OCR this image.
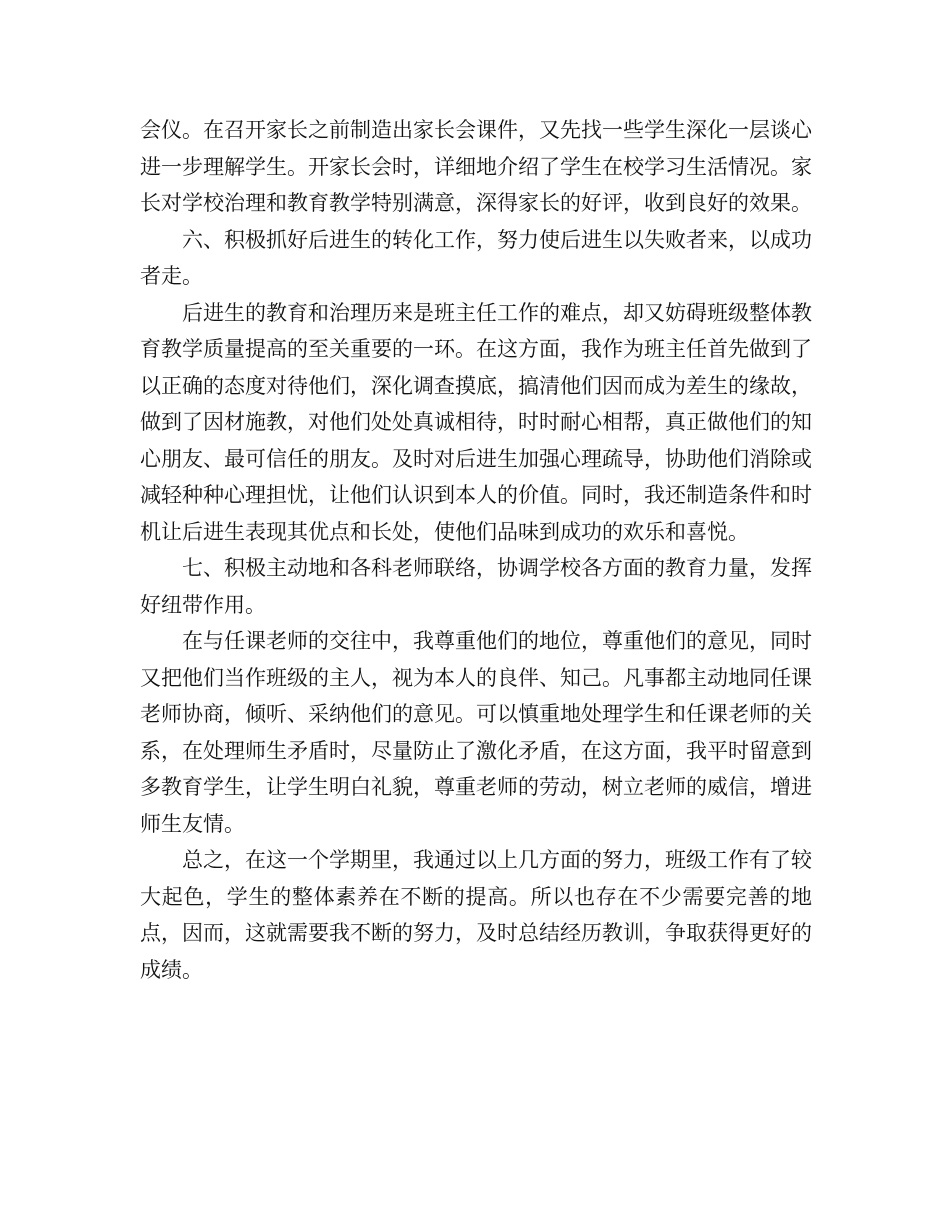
会仪。在召开家长之前制造出家长会课件，又先找一些学生深化一层谈心进一步理解学生。开家长会时，详细地介绍了学生在校学习生活情况。家长对学校治理和教育教学特别满意，深得家长的好评，收到良好的效果。

六、积极抓好后进生的转化工作，努力使后进生以失败者来，以成功者走。

后进生的教育和治理历来是班主任工作的难点，却又妨碍班级整体教育教学质量提高的至关重要的一环。在这方面，我作为班主任首先做到了以正确的态度对待他们，深化调查摸底，搞清他们因而成为差生的缘故，做到了因材施教，对他们处处真诚相待，时时耐心相帮，真正做他们的知心朋友、最可信任的朋友。及时对后进生加强心理疏导，协助他们消除或减轻种种心理担忧，让他们认识到本人的价值。同时，我还制造条件和时机让后进生表现其优点和长处，使他们品味到成功的欢乐和喜悦。

七、积极主动地和各科老师联络，协调学校各方面的教育力量，发挥好纽带作用。

在与任课老师的交往中，我尊重他们的地位，尊重他们的意见，同时又把他们当作班级的主人，视为本人的良伴、知己。凡事都主动地同任课老师协商，倾听、采纳他们的意见。可以慎重地处理学生和任课老师的关系，在处理师生矛盾时，尽量防止了激化矛盾，在这方面，我平时留意到多教育学生，让学生明白礼貌，尊重老师的劳动，树立老师的威信，增进师生友情。

总之，在这一个学期里，我通过以上几方面的努力，班级工作有了较大起色，学生的整体素养在不断的提高。所以也存在不少需要完善的地点，因而，这就需要我不断的努力，及时总结经历教训，争取获得更好的成绩。
